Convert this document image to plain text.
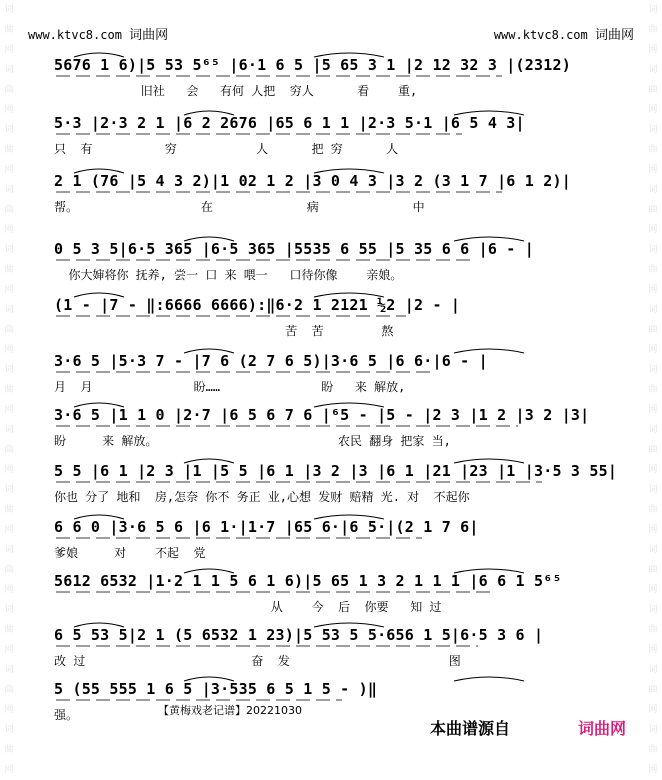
词
曲
网
词
曲
网
词
曲
网
词
曲
网
词
曲
网
词
曲
网
词
曲
网
词
曲
网
词
曲
网
词
曲
网
词
曲
网
词
曲
网
词
曲
网
词
曲
网
词
曲
网
词
曲
网
词
曲
网
词
曲
网
词
曲
网
词
曲
网
词
曲
网
词
曲
网
词
曲
网
词
曲
网
词
曲
网
词
曲
网
www.ktvc8.com 词曲网	www.ktvc8.com 词曲网
5676 1 6)|5 53 5⁶⁵ |6·1 6 5 |5 65 3 1 |2 12 32 3 |(2312)
旧社   会   有何 人把  穷人      看    重,
5·3 |2·3 2 1 |6 2 2676 |65 6 1 1 |2·3 5·1 |6 5 4 3|
只  有          穷           人      把 穷      人
2 1 (76 |5 4 3 2)|1 02 1 2 |3 0 4 3 |3 2 (3 1 7 |6 1 2)|
帮。                 在             病             中
0 5 3 5|6·5 365 |6·5 365 |5535 6 55 |5 35 6 6 |6 - |
你大婶将你 抚养, 尝一 口 来 喂一   口待你像    亲娘。
(1 - |7 - ‖:6666 6666):‖6·2 1 2121 ½2 |2 - |
苦  苦        熬
3·6 5 |5·3 7 - |7 6 (2 7 6 5)|3·6 5 |6 6·|6 - |
月  月              盼……              盼   来 解放,
3·6 5 |1 1 0 |2·7 |6 5 6 7 6 |⁶5 - |5 - |2 3 |1 2 |3 2 |3|
盼     来 解放。                         农民 翻身 把家 当,
5 5 |6 1 |2 3 |1 |5 5 |6 1 |3 2 |3 |6 1 |21 |23 |1 |3·5 3 55|
你也 分了 地和  房,怎奈 你不 务正 业,心想 发财 赔精 光. 对  不起你
6 6 0 |3·6 5 6 |6 1·|1·7 |65 6·|6 5·|(2 1 7 6|
爹娘     对    不起  党
5612 6532 |1·2 1 1 5 6 1 6)|5 65 1 3 2 1 1 1 |6 6 1 5⁶⁵
从    今  后  你要   知 过
6 5 53 5|2 1 (5 6532 1 23)|5 53 5 5·656 1 5|6·5 3 6 |
改 过                       奋  发                      图
5 (55 555 1 6 5 |3·535 6 5 1 5 - )‖
强。	【黄梅戏老记谱】20221030
本曲谱源自	词曲网
